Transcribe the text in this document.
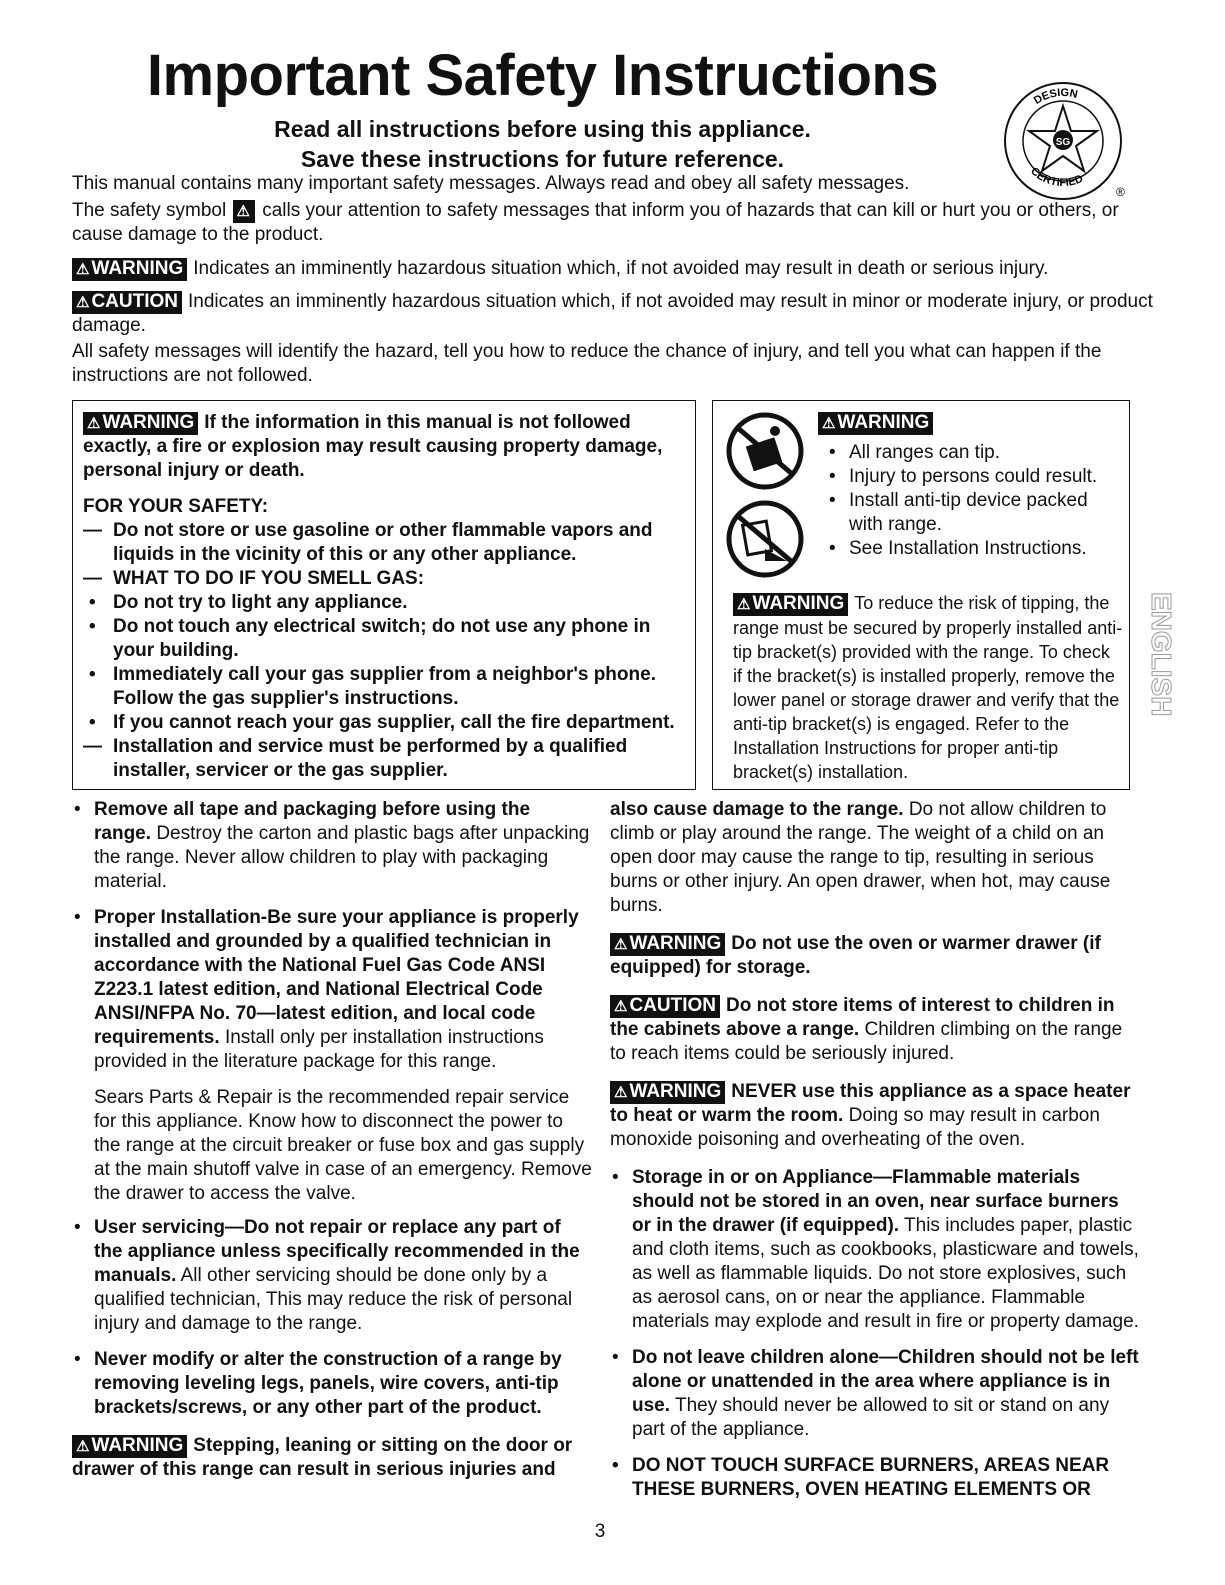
Important Safety Instructions
Read all instructions before using this appliance.
Save these instructions for future reference.
SG
DESIGN
CERTIFIED
®
This manual contains many important safety messages. Always read and obey all safety messages.
The safety symbol ⚠ calls your attention to safety messages that inform you of hazards that can kill or hurt you or others, or cause damage to the product.
⚠ WARNING Indicates an imminently hazardous situation which, if not avoided may result in death or serious injury.
⚠ CAUTION Indicates an imminently hazardous situation which, if not avoided may result in minor or moderate injury, or product damage.
All safety messages will identify the hazard, tell you how to reduce the chance of injury, and tell you what can happen if the instructions are not followed.
⚠ WARNING If the information in this manual is not followed exactly, a fire or explosion may result causing property damage, personal injury or death.
FOR YOUR SAFETY:
— Do not store or use gasoline or other flammable vapors and liquids in the vicinity of this or any other appliance.
— WHAT TO DO IF YOU SMELL GAS:
• Do not try to light any appliance.
• Do not touch any electrical switch; do not use any phone in your building.
• Immediately call your gas supplier from a neighbor's phone. Follow the gas supplier's instructions.
• If you cannot reach your gas supplier, call the fire department.
— Installation and service must be performed by a qualified installer, servicer or the gas supplier.
⚠ WARNING
• All ranges can tip.
• Injury to persons could result.
• Install anti-tip device packed with range.
• See Installation Instructions.
⚠ WARNING To reduce the risk of tipping, the range must be secured by properly installed anti-tip bracket(s) provided with the range. To check if the bracket(s) is installed properly, remove the lower panel or storage drawer and verify that the anti-tip bracket(s) is engaged. Refer to the Installation Instructions for proper anti-tip bracket(s) installation.
ENGLISH
• Remove all tape and packaging before using the range. Destroy the carton and plastic bags after unpacking the range. Never allow children to play with packaging material.
• Proper Installation-Be sure your appliance is properly installed and grounded by a qualified technician in accordance with the National Fuel Gas Code ANSI Z223.1 latest edition, and National Electrical Code ANSI/NFPA No. 70—latest edition, and local code requirements. Install only per installation instructions provided in the literature package for this range.
Sears Parts & Repair is the recommended repair service for this appliance. Know how to disconnect the power to the range at the circuit breaker or fuse box and gas supply at the main shutoff valve in case of an emergency. Remove the drawer to access the valve.
• User servicing—Do not repair or replace any part of the appliance unless specifically recommended in the manuals. All other servicing should be done only by a qualified technician, This may reduce the risk of personal injury and damage to the range.
• Never modify or alter the construction of a range by removing leveling legs, panels, wire covers, anti-tip brackets/screws, or any other part of the product.
⚠ WARNING Stepping, leaning or sitting on the door or drawer of this range can result in serious injuries and
also cause damage to the range. Do not allow children to climb or play around the range. The weight of a child on an open door may cause the range to tip, resulting in serious burns or other injury. An open drawer, when hot, may cause burns.
⚠ WARNING Do not use the oven or warmer drawer (if equipped) for storage.
⚠ CAUTION Do not store items of interest to children in the cabinets above a range. Children climbing on the range to reach items could be seriously injured.
⚠ WARNING NEVER use this appliance as a space heater to heat or warm the room. Doing so may result in carbon monoxide poisoning and overheating of the oven.
• Storage in or on Appliance—Flammable materials should not be stored in an oven, near surface burners or in the drawer (if equipped). This includes paper, plastic and cloth items, such as cookbooks, plasticware and towels, as well as flammable liquids. Do not store explosives, such as aerosol cans, on or near the appliance. Flammable materials may explode and result in fire or property damage.
• Do not leave children alone—Children should not be left alone or unattended in the area where appliance is in use. They should never be allowed to sit or stand on any part of the appliance.
• DO NOT TOUCH SURFACE BURNERS, AREAS NEAR THESE BURNERS, OVEN HEATING ELEMENTS OR
3
